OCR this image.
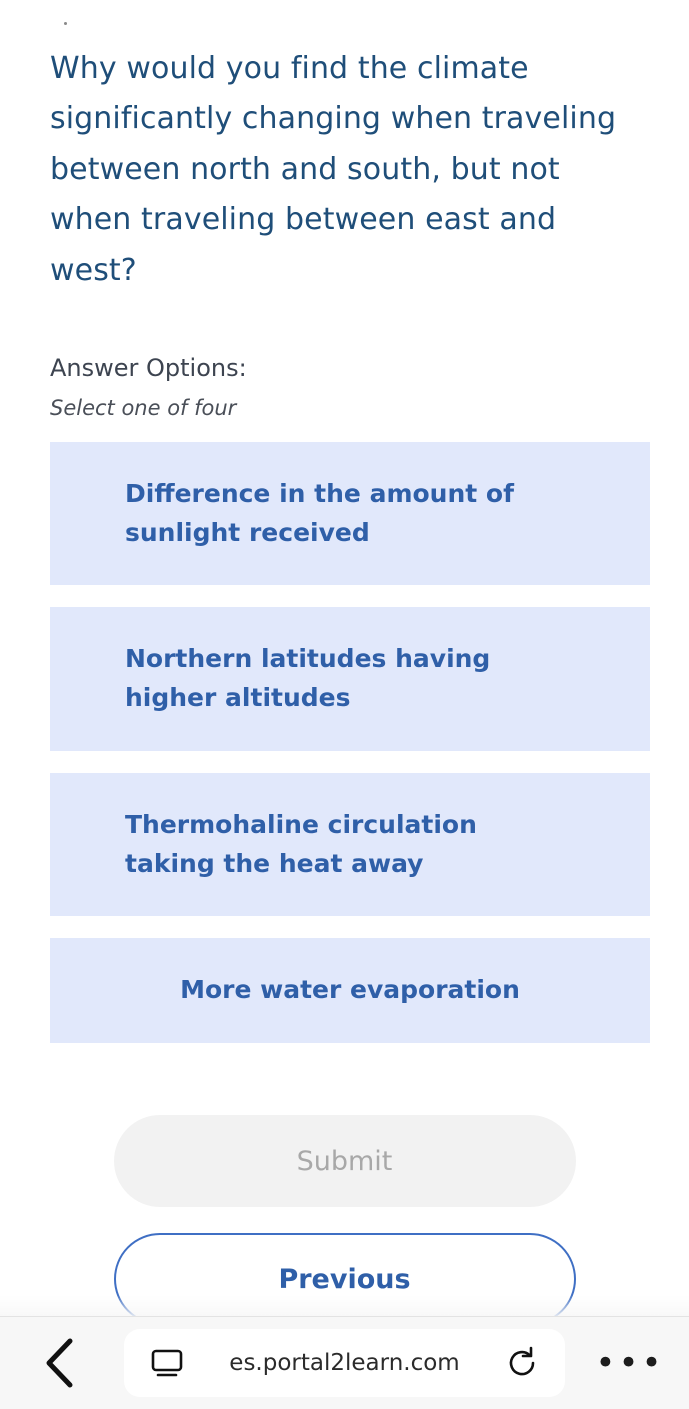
Why would you find the climate significantly changing when traveling between north and south, but not when traveling between east and west?
Answer Options:
Select one of four
Difference in the amount of sunlight received
Northern latitudes having higher altitudes
Thermohaline circulation taking the heat away
More water evaporation
Submit
Previous
es.portal2learn.com	•••
